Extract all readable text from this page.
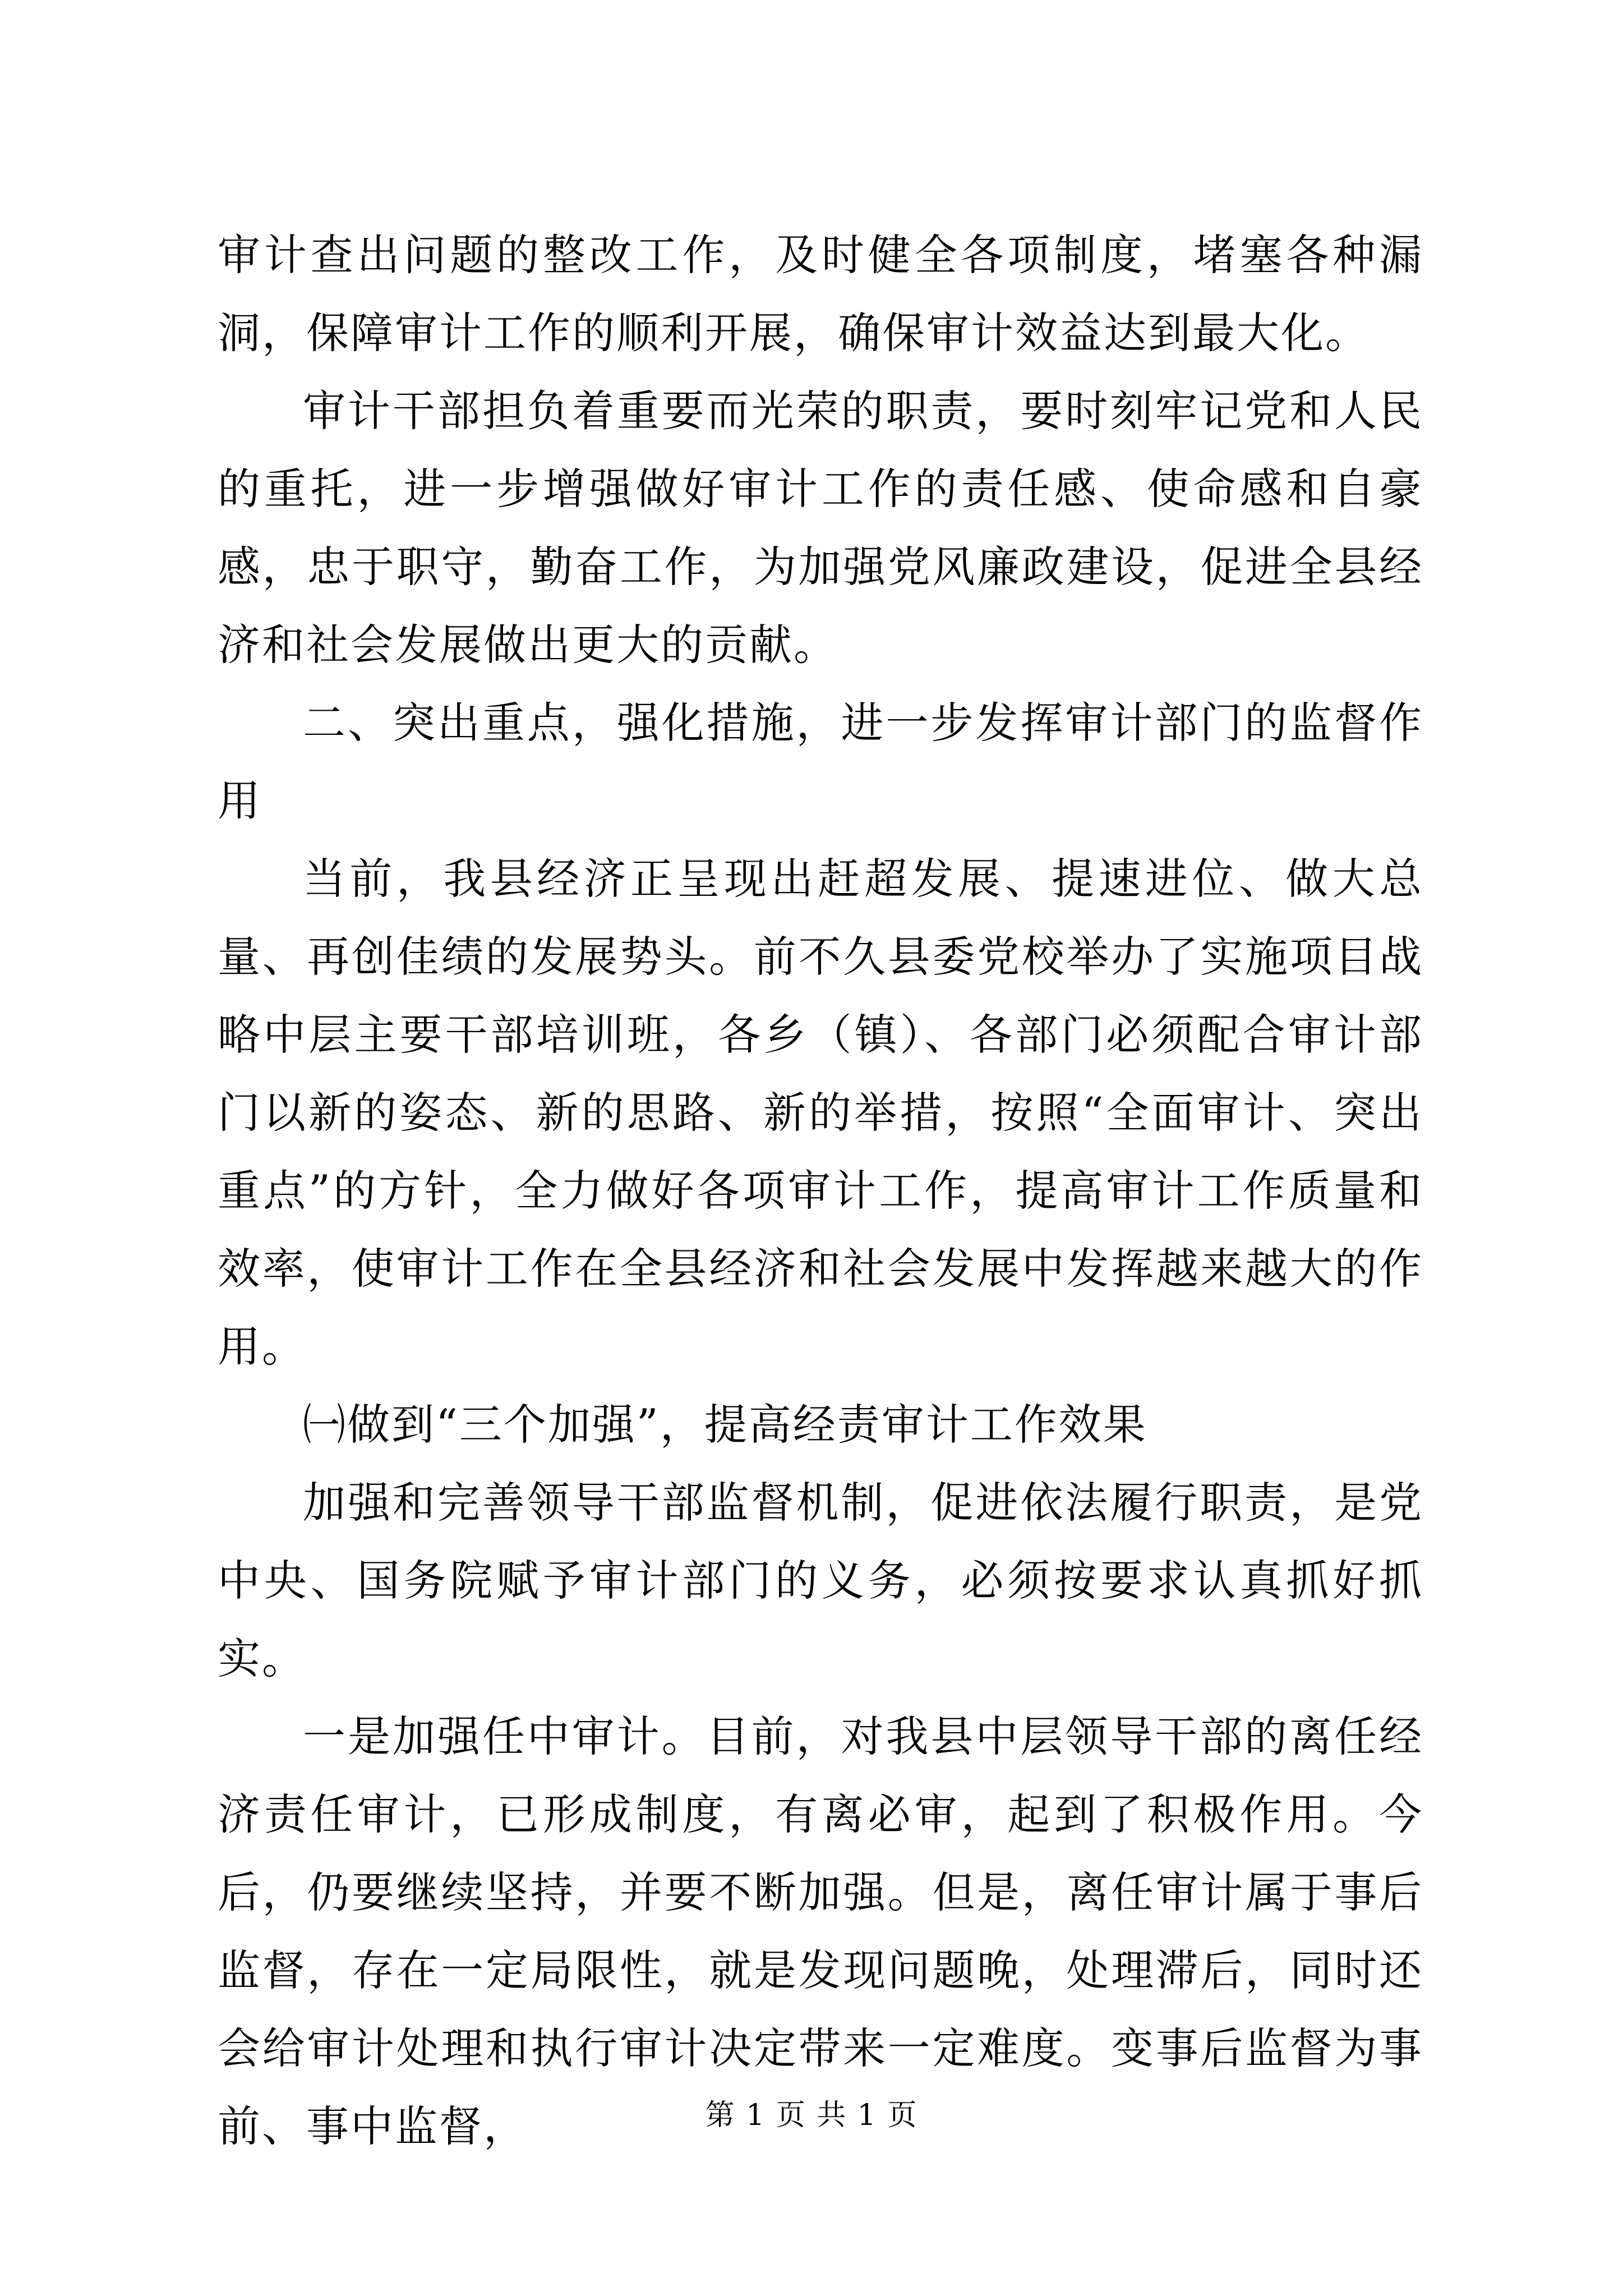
审计查出问题的整改工作，及时健全各项制度，堵塞各种漏洞，保障审计工作的顺利开展，确保审计效益达到最大化。

审计干部担负着重要而光荣的职责，要时刻牢记党和人民的重托，进一步增强做好审计工作的责任感、使命感和自豪感，忠于职守，勤奋工作，为加强党风廉政建设，促进全县经济和社会发展做出更大的贡献。

二、突出重点，强化措施，进一步发挥审计部门的监督作用

当前，我县经济正呈现出赶超发展、提速进位、做大总量、再创佳绩的发展势头。前不久县委党校举办了实施项目战略中层主要干部培训班，各乡（镇）、各部门必须配合审计部门以新的姿态、新的思路、新的举措，按照“全面审计、突出重点”的方针，全力做好各项审计工作，提高审计工作质量和效率，使审计工作在全县经济和社会发展中发挥越来越大的作用。

㈠做到“三个加强”，提高经责审计工作效果

加强和完善领导干部监督机制，促进依法履行职责，是党中央、国务院赋予审计部门的义务，必须按要求认真抓好抓实。

一是加强任中审计。目前，对我县中层领导干部的离任经济责任审计，已形成制度，有离必审，起到了积极作用。今后，仍要继续坚持，并要不断加强。但是，离任审计属于事后监督，存在一定局限性，就是发现问题晚，处理滞后，同时还会给审计处理和执行审计决定带来一定难度。变事后监督为事前、事中监督，	第 1 页 共 1 页
